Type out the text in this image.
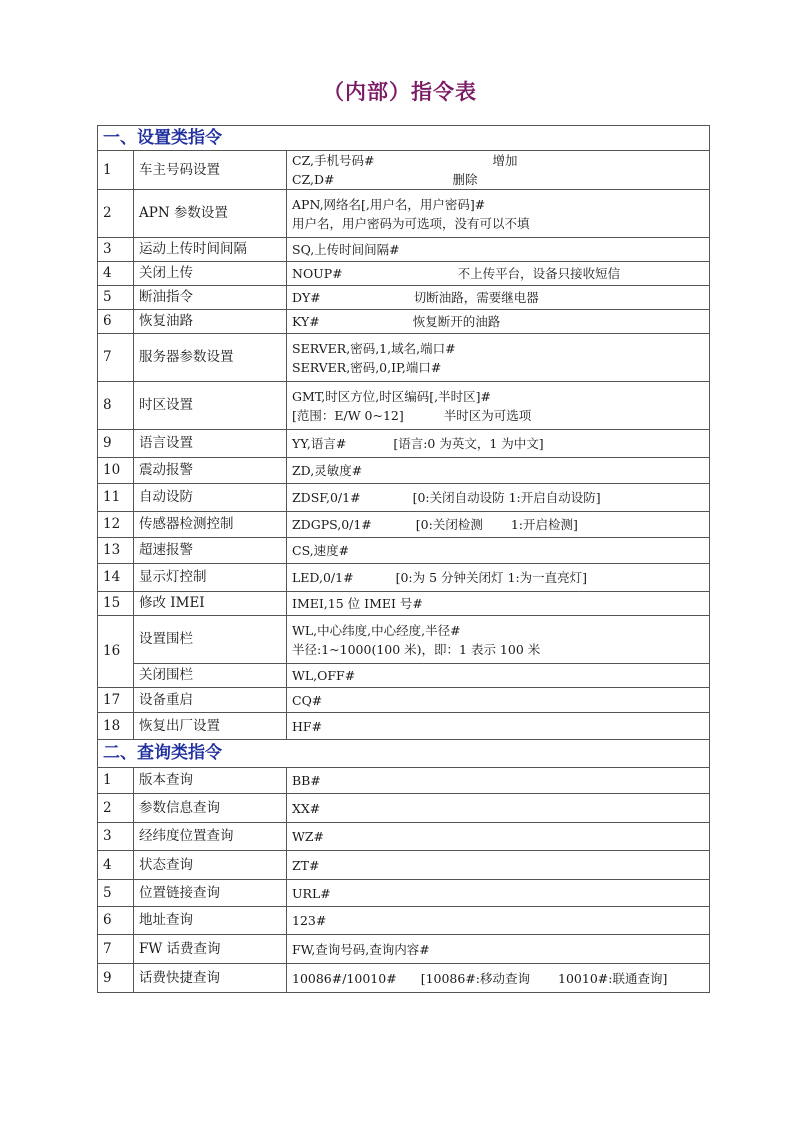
（内部）指令表
一、设置类指令		
1	车主号码设置	CZ,手机号码# 增加
CZ,D# 删除

2	APN 参数设置	APN,网络名[,用户名，用户密码]#
用户名，用户密码为可选项，没有可以不填

3	运动上传时间间隔	SQ,上传时间间隔#

4	关闭上传	NOUP# 不上传平台，设备只接收短信

5	断油指令	DY# 切断油路，需要继电器

6	恢复油路	KY# 恢复断开的油路

7	服务器参数设置	SERVER,密码,1,域名,端口#
SERVER,密码,0,IP,端口#

8	时区设置	GMT,时区方位,时区编码[,半时区]#
[范围：E/W 0~12] 半时区为可选项

9	语言设置	YY,语言# [语言:0 为英文，1 为中文]

10	震动报警	ZD,灵敏度#

11	自动设防	ZDSF,0/1# [0:关闭自动设防 1:开启自动设防]

12	传感器检测控制	ZDGPS,0/1# [0:关闭检测 1:开启检测]

13	超速报警	CS,速度#

14	显示灯控制	LED,0/1# [0:为 5 分钟关闭灯 1:为一直亮灯]

15	修改 IMEI	IMEI,15 位 IMEI 号#

16	设置围栏	WL,中心纬度,中心经度,半径#
半径:1~1000(100 米)，即：1 表示 100 米

	关闭围栏	WL,OFF#

17	设备重启	CQ#

18	恢复出厂设置	HF#

二、查询类指令		
1	版本查询	BB#

2	参数信息查询	XX#

3	经纬度位置查询	WZ#

4	状态查询	ZT#

5	位置链接查询	URL#

6	地址查询	123#

7	FW 话费查询	FW,查询号码,查询内容#

9	话费快捷查询	10086#/10010# [10086#:移动查询 10010#:联通查询]
